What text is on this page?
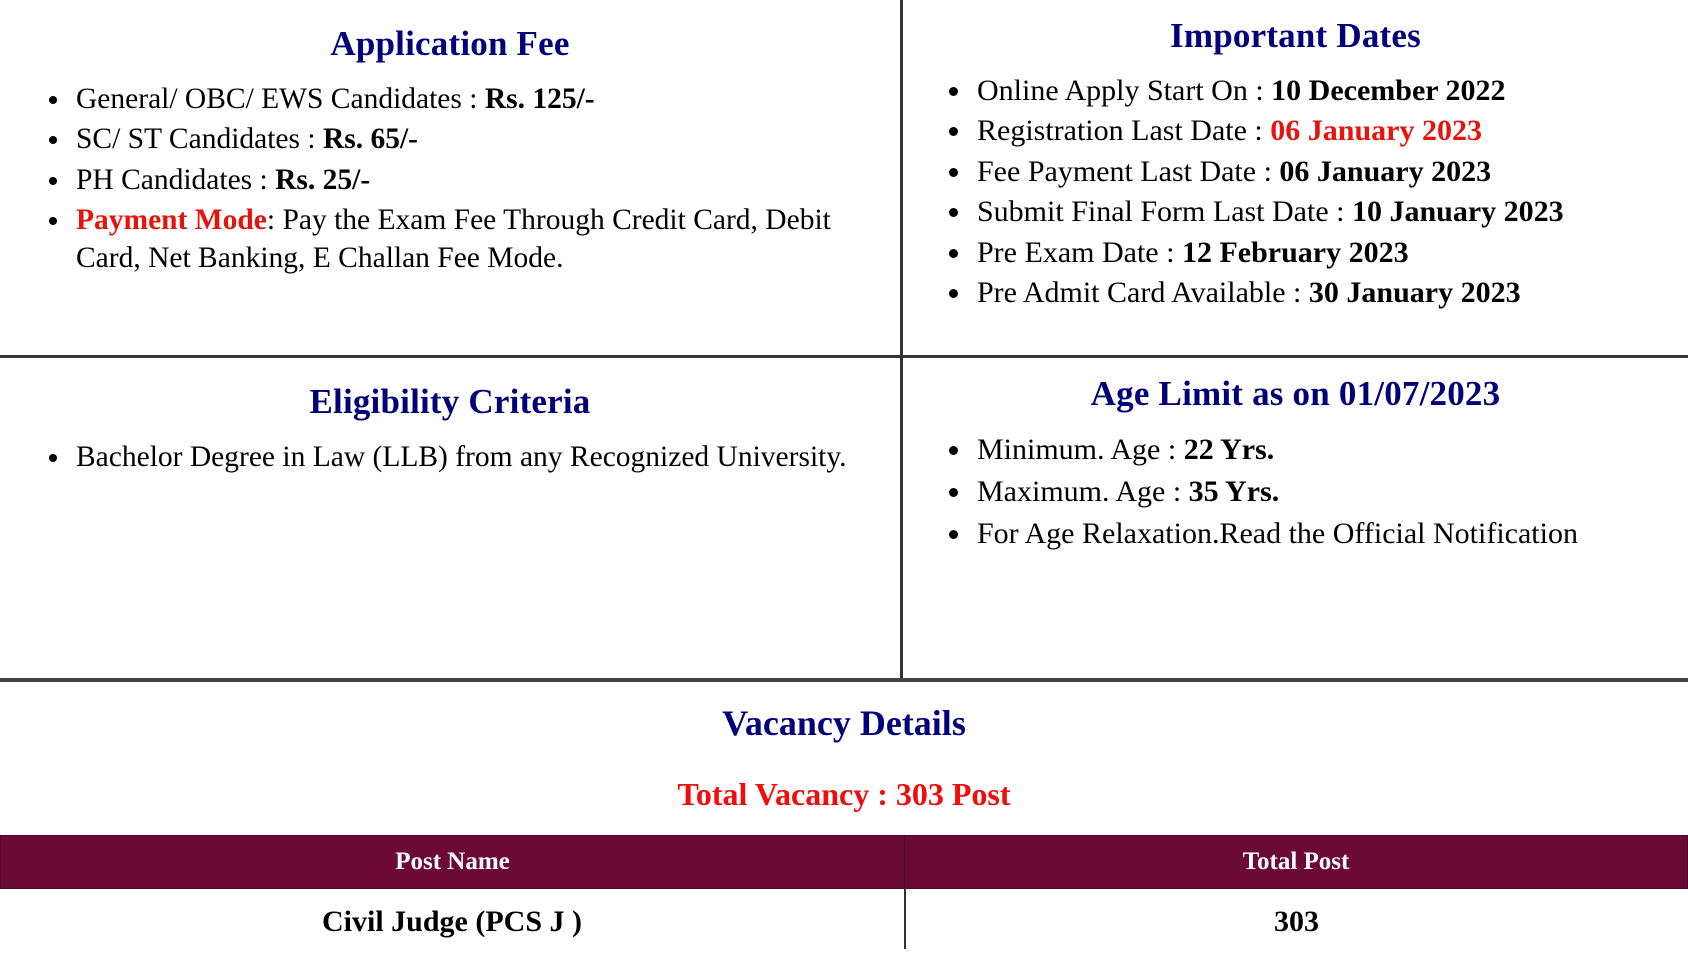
Application Fee
• General/ OBC/ EWS Candidates : Rs. 125/-
• SC/ ST Candidates : Rs. 65/-
• PH Candidates : Rs. 25/-
• Payment Mode: Pay the Exam Fee Through Credit Card, Debit Card, Net Banking, E Challan Fee Mode.
Important Dates
• Online Apply Start On : 10 December 2022
• Registration Last Date : 06 January 2023
• Fee Payment Last Date : 06 January 2023
• Submit Final Form Last Date : 10 January 2023
• Pre Exam Date : 12 February 2023
• Pre Admit Card Available : 30 January 2023
Eligibility Criteria
• Bachelor Degree in Law (LLB) from any Recognized University.
Age Limit as on 01/07/2023
• Minimum. Age : 22 Yrs.
• Maximum. Age : 35 Yrs.
• For Age Relaxation.Read the Official Notification
Vacancy Details
Total Vacancy : 303 Post
Post Name	Total Post
Civil Judge (PCS J )	303
